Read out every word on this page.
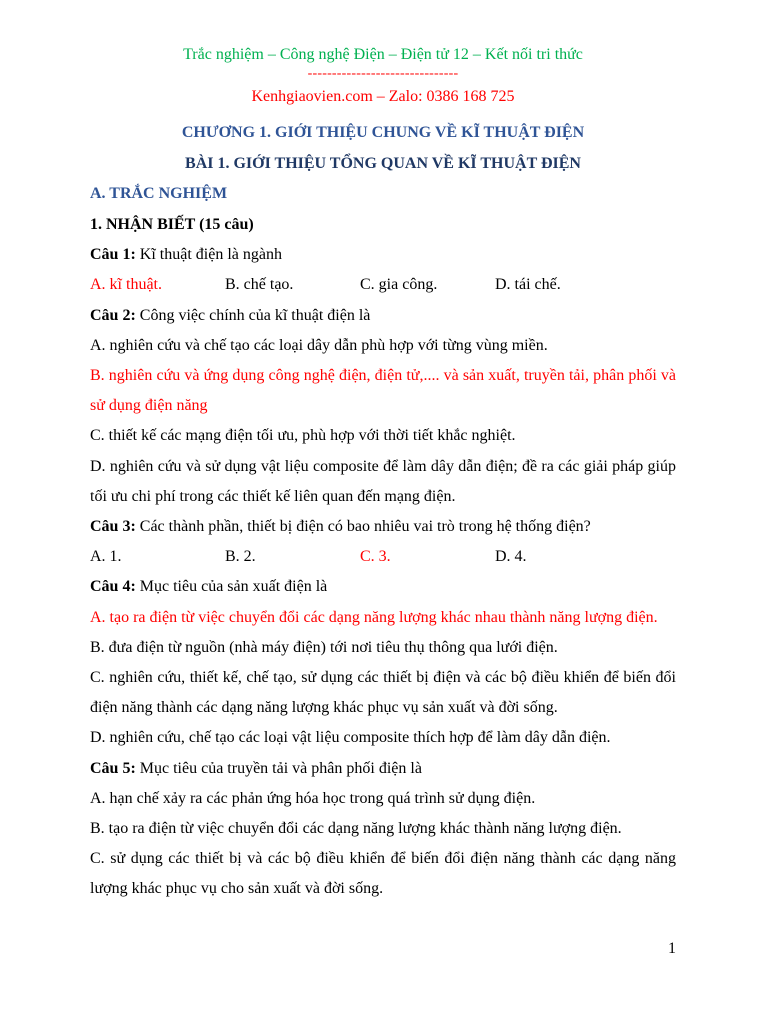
Trắc nghiệm – Công nghệ Điện – Điện tử 12 – Kết nối tri thức
-------------------------------
Kenhgiaovien.com – Zalo: 0386 168 725
CHƯƠNG 1. GIỚI THIỆU CHUNG VỀ KĨ THUẬT ĐIỆN
BÀI 1. GIỚI THIỆU TỔNG QUAN VỀ KĨ THUẬT ĐIỆN
A. TRẮC NGHIỆM
1. NHẬN BIẾT (15 câu)
Câu 1: Kĩ thuật điện là ngành
A. kĩ thuật.	B. chế tạo.	C. gia công.	D. tái chế.
Câu 2: Công việc chính của kĩ thuật điện là
A. nghiên cứu và chế tạo các loại dây dẫn phù hợp với từng vùng miền.
B. nghiên cứu và ứng dụng công nghệ điện, điện tử,.... và sản xuất, truyền tải, phân phối và sử dụng điện năng
C. thiết kế các mạng điện tối ưu, phù hợp với thời tiết khắc nghiệt.
D. nghiên cứu và sử dụng vật liệu composite để làm dây dẫn điện; đề ra các giải pháp giúp tối ưu chi phí trong các thiết kế liên quan đến mạng điện.
Câu 3: Các thành phần, thiết bị điện có bao nhiêu vai trò trong hệ thống điện?
A. 1.	B. 2.	C. 3.	D. 4.
Câu 4: Mục tiêu của sản xuất điện là
A. tạo ra điện từ việc chuyển đổi các dạng năng lượng khác nhau thành năng lượng điện.
B. đưa điện từ nguồn (nhà máy điện) tới nơi tiêu thụ thông qua lưới điện.
C. nghiên cứu, thiết kế, chế tạo, sử dụng các thiết bị điện và các bộ điều khiển để biến đổi điện năng thành các dạng năng lượng khác phục vụ sản xuất và đời sống.
D. nghiên cứu, chế tạo các loại vật liệu composite thích hợp để làm dây dẫn điện.
Câu 5: Mục tiêu của truyền tải và phân phối điện là
A. hạn chế xảy ra các phản ứng hóa học trong quá trình sử dụng điện.
B. tạo ra điện từ việc chuyển đổi các dạng năng lượng khác thành năng lượng điện.
C. sử dụng các thiết bị và các bộ điều khiển để biến đổi điện năng thành các dạng năng lượng khác phục vụ cho sản xuất và đời sống.
1
